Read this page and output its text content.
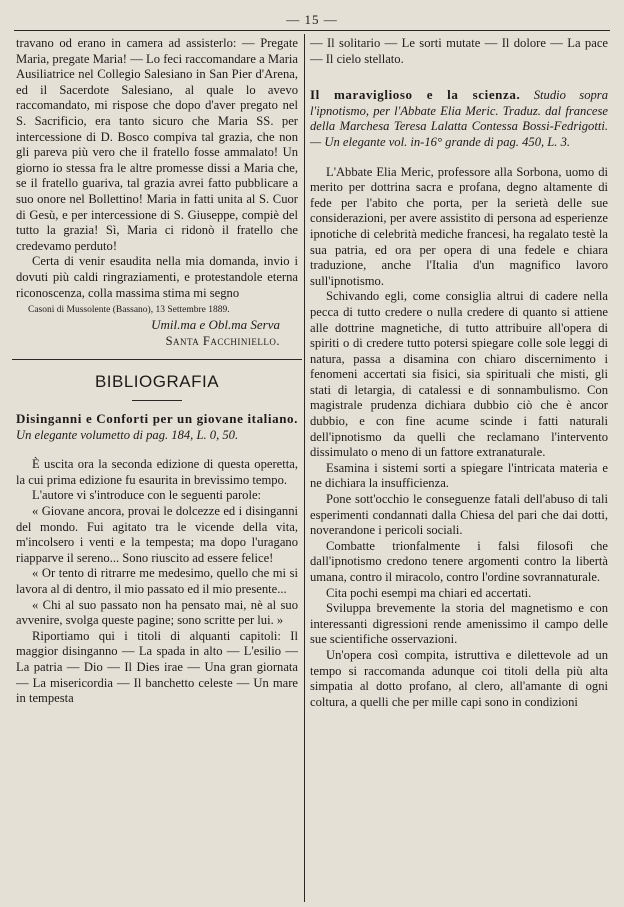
— 15 —

travano od erano in camera ad assisterlo: — Pregate Maria, pregate Maria! — Lo feci raccomandare a Maria Ausiliatrice nel Collegio Salesiano in San Pier d'Arena, ed il Sacerdote Salesiano, al quale lo avevo raccomandato, mi rispose che dopo d'aver pregato nel S. Sacrificio, era tanto sicuro che Maria SS. per intercessione di D. Bosco compiva tal grazia, che non gli pareva più vero che il fratello fosse ammalato! Un giorno io stessa fra le altre promesse dissi a Maria che, se il fratello guariva, tal grazia avrei fatto pubblicare a suo onore nel Bollettino! Maria in fatti unita al S. Cuor di Gesù, e per intercessione di S. Giuseppe, compiè del tutto la grazia! Sì, Maria ci ridonò il fratello che credevamo perduto!

Certa di venir esaudita nella mia domanda, invio i dovuti più caldi ringraziamenti, e protestandole eterna riconoscenza, colla massima stima mi segno

Casoni di Mussolente (Bassano), 13 Settembre 1889.

Umil.ma e Obl.ma Serva
Santa Facchiniello.
BIBLIOGRAFIA

Disinganni e Conforti per un giovane italiano. Un elegante volumetto di pag. 184, L. 0, 50.

È uscita ora la seconda edizione di questa operetta, la cui prima edizione fu esaurita in brevissimo tempo.

L'autore vi s'introduce con le seguenti parole:

« Giovane ancora, provai le dolcezze ed i disinganni del mondo. Fui agitato tra le vicende della vita, m'incolsero i venti e la tempesta; ma dopo l'uragano riapparve il sereno... Sono riuscito ad essere felice!

« Or tento di ritrarre me medesimo, quello che mi si lavora al di dentro, il mio passato ed il mio presente...

« Chi al suo passato non ha pensato mai, nè al suo avvenire, svolga queste pagine; sono scritte per lui. »

Riportiamo qui i titoli di alquanti capitoli: Il maggior disinganno — La spada in alto — L'esilio — La patria — Dio — Il Dies irae — Una gran giornata — La misericordia — Il banchetto celeste — Un mare in tempesta

— Il solitario — Le sorti mutate — Il dolore — La pace — Il cielo stellato.

Il maraviglioso e la scienza. Studio sopra l'ipnotismo, per l'Abbate Elia Meric. Traduz. dal francese della Marchesa Teresa Lalatta Contessa Bossi-Fedrigotti. — Un elegante vol. in-16° grande di pag. 450, L. 3.

L'Abbate Elia Meric, professore alla Sorbona, uomo di merito per dottrina sacra e profana, degno altamente di fede per l'abito che porta, per la serietà delle sue considerazioni, per avere assistito di persona ad esperienze ipnotiche di celebrità mediche francesi, ha regalato testè la sua patria, ed ora per opera di una fedele e chiara traduzione, anche l'Italia d'un magnifico lavoro sull'ipnotismo.

Schivando egli, come consiglia altrui di cadere nella pecca di tutto credere o nulla credere di quanto si attiene alle dottrine magnetiche, di tutto attribuire all'opera di spiriti o di credere tutto potersi spiegare colle sole leggi di natura, passa a disamina con chiaro discernimento i fenomeni accertati sia fisici, sia spirituali che misti, gli stati di letargia, di catalessi e di sonnambulismo. Con magistrale prudenza dichiara dubbio ciò che è ancor dubbio, e con fine acume scinde i fatti naturali dell'ipnotismo da quelli che reclamano l'intervento dissimulato o meno di un fattore extranaturale.

Esamina i sistemi sorti a spiegare l'intricata materia e ne dichiara la insufficienza.

Pone sott'occhio le conseguenze fatali dell'abuso di tali esperimenti condannati dalla Chiesa del pari che dai dotti, noverandone i pericoli sociali.

Combatte trionfalmente i falsi filosofi che dall'ipnotismo credono tenere argomenti contro la libertà umana, contro il miracolo, contro l'ordine sovrannaturale.

Cita pochi esempi ma chiari ed accertati.

Sviluppa brevemente la storia del magnetismo e con interessanti digressioni rende amenissimo il campo delle sue scientifiche osservazioni.

Un'opera così compita, istruttiva e dilettevole ad un tempo si raccomanda adunque coi titoli della più alta simpatia al dotto profano, al clero, all'amante di ogni coltura, a quelli che per mille capi sono in condizioni
